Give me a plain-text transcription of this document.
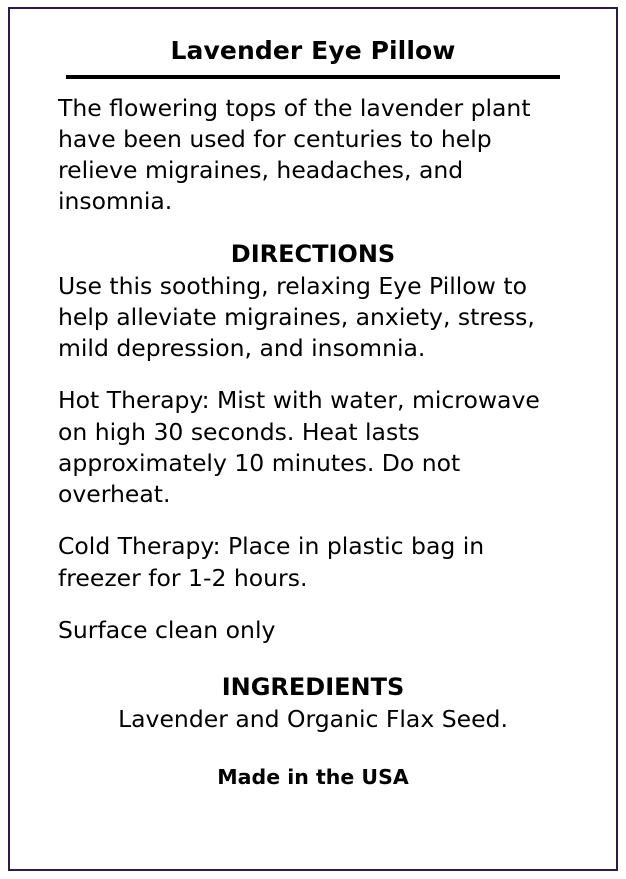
Lavender Eye Pillow

The flowering tops of the lavender plant have been used for centuries to help relieve migraines, headaches, and insomnia.

DIRECTIONS

Use this soothing, relaxing Eye Pillow to help alleviate migraines, anxiety, stress, mild depression, and insomnia.

Hot Therapy: Mist with water, microwave on high 30 seconds. Heat lasts approximately 10 minutes. Do not overheat.

Cold Therapy: Place in plastic bag in freezer for 1-2 hours.

Surface clean only

INGREDIENTS

Lavender and Organic Flax Seed.

Made in the USA
